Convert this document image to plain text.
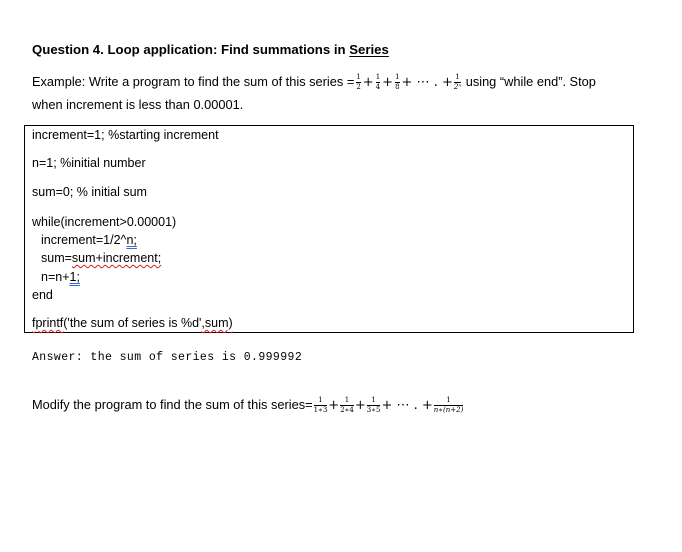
Question 4. Loop application: Find summations in Series
Example: Write a program to find the sum of this series = $\frac{1}{2} + \frac{1}{4} + \frac{1}{8}$ + ⋯ . + $\frac{1}{\text{2ⁿ}}$ using “while end”. Stop
when increment is less than 0.00001.
increment=1; %starting increment
n=1; %initial number
sum=0; % initial sum
while(increment>0.00001)
increment=1/2^n;
sum=sum+increment;
n=n+1;
end
fprintf('the sum of series is %d',sum)
Answer: the sum of series is 0.999992
Modify the program to find the sum of this series= $\frac{1}{1∗3} + \frac{1}{2∗4} + \frac{1}{3∗5}$ + ⋯ . + $\frac{1}{n∗(n+2)}$
